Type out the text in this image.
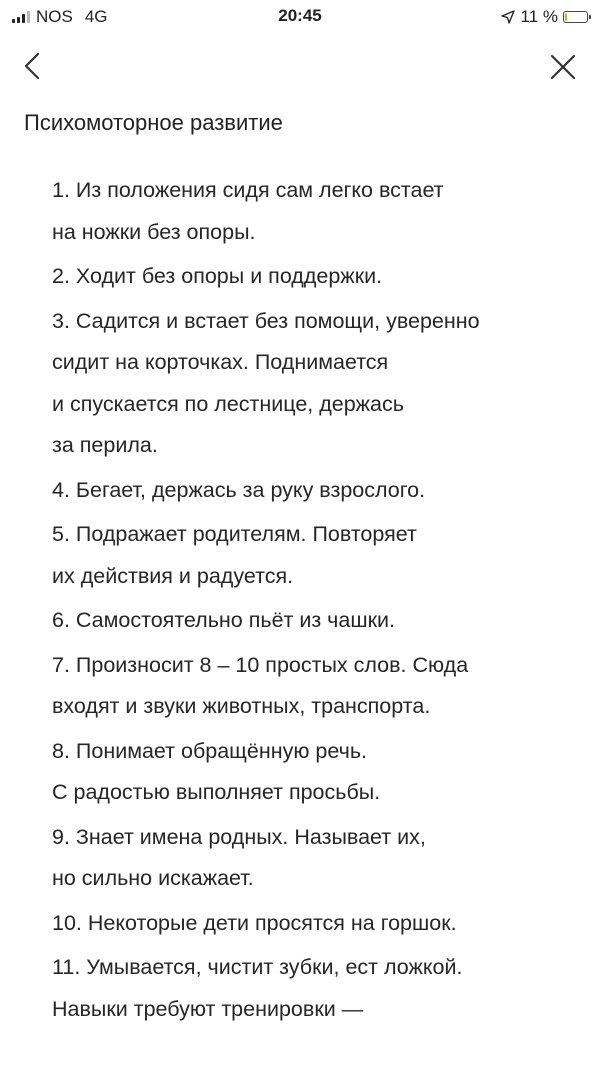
NOS 4G	20:45	11 %
Психомоторное развитие
1. Из положения сидя сам легко встает
на ножки без опоры.
2. Ходит без опоры и поддержки.
3. Садится и встает без помощи, уверенно
сидит на корточках. Поднимается
и спускается по лестнице, держась
за перила.
4. Бегает, держась за руку взрослого.
5. Подражает родителям. Повторяет
их действия и радуется.
6. Самостоятельно пьёт из чашки.
7. Произносит 8 – 10 простых слов. Сюда
входят и звуки животных, транспорта.
8. Понимает обращённую речь.
С радостью выполняет просьбы.
9. Знает имена родных. Называет их,
но сильно искажает.
10. Некоторые дети просятся на горшок.
11. Умывается, чистит зубки, ест ложкой.
Навыки требуют тренировки —
